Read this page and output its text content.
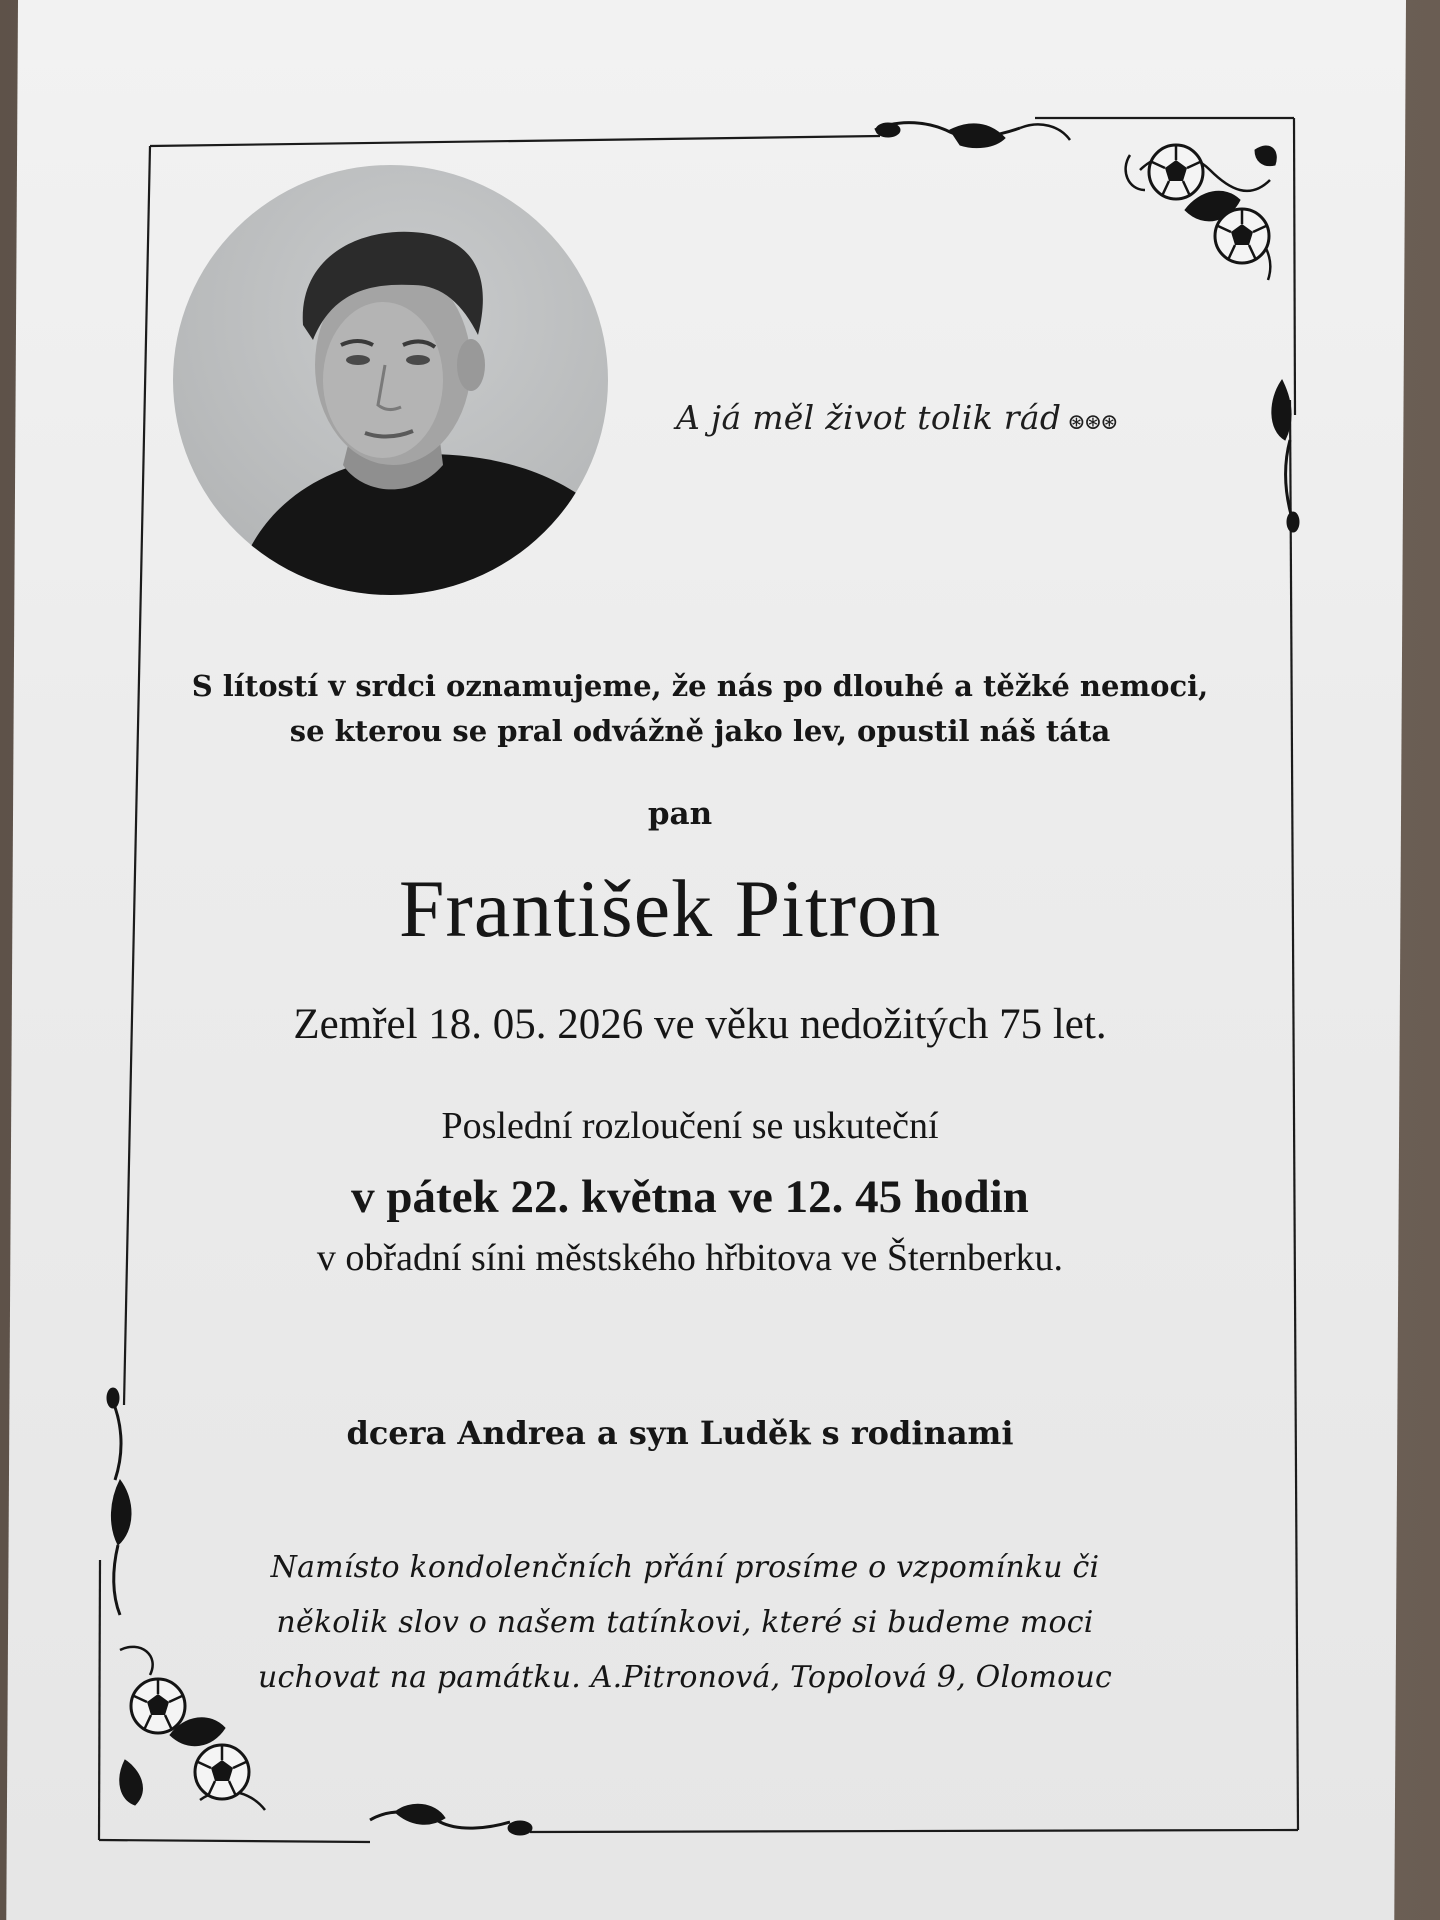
A já měl život tolik rád ⊛⊛⊛
S lítostí v srdci oznamujeme, že nás po dlouhé a těžké nemoci,
se kterou se pral odvážně jako lev, opustil náš táta
pan
František Pitron
Zemřel 18. 05. 2026 ve věku nedožitých 75 let.
Poslední rozloučení se uskuteční
v pátek 22. května ve 12. 45 hodin
v obřadní síni městského hřbitova ve Šternberku.
dcera Andrea a syn Luděk s rodinami
Namísto kondolenčních přání prosíme o vzpomínku či
několik slov o našem tatínkovi, které si budeme moci
uchovat na památku. A.Pitronová, Topolová 9, Olomouc
